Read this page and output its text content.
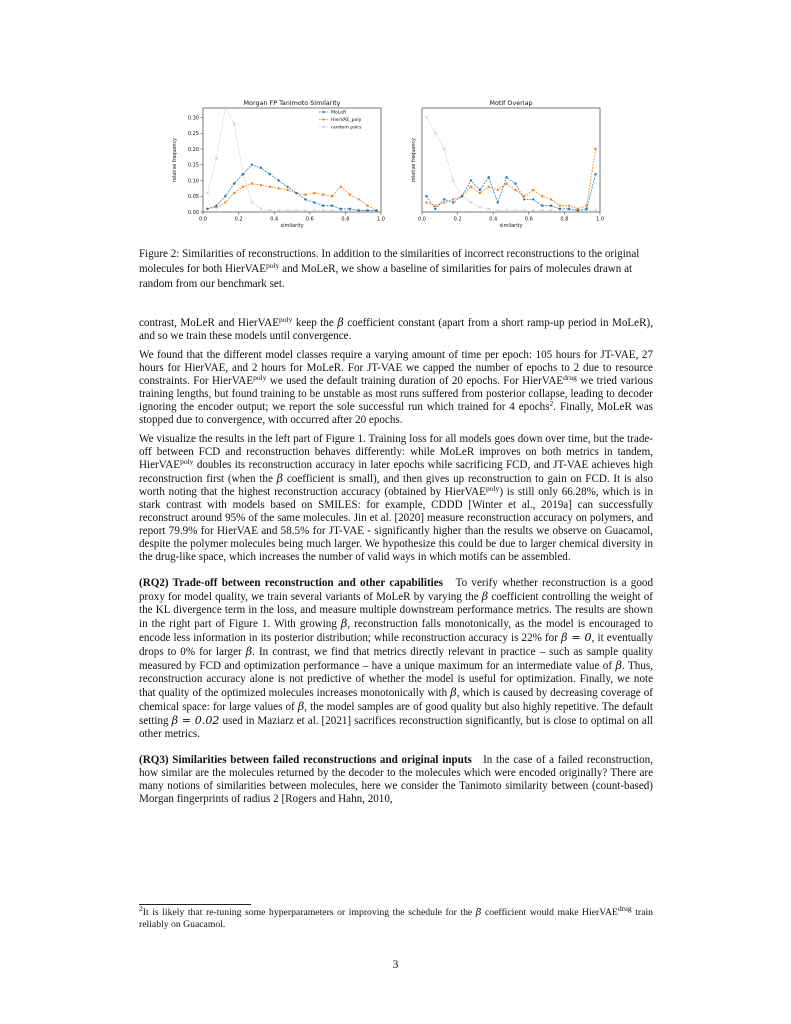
Morgan FP Tanimoto Similarity
0.0	0.2	0.4	0.6	0.8	1.0
similarity
0.00
0.05
0.10
0.15
0.20
0.25
0.30
relative frequency
MoLeR
HierVAE_poly
random pairs
Motif Overlap
0.0	0.2	0.4	0.6	0.8	1.0
similarity
relative frequency
Figure 2: Similarities of reconstructions. In addition to the similarities of incorrect reconstructions to the original molecules for both HierVAE$^{poly}$ and MoLeR, we show a baseline of similarities for pairs of molecules drawn at random from our benchmark set.

contrast, MoLeR and HierVAE$^{poly}$ keep the β coefficient constant (apart from a short ramp-up period in MoLeR), and so we train these models until convergence.

We found that the different model classes require a varying amount of time per epoch: 105 hours for JT-VAE, 27 hours for HierVAE, and 2 hours for MoLeR. For JT-VAE we capped the number of epochs to 2 due to resource constraints. For HierVAE$^{poly}$ we used the default training duration of 20 epochs. For HierVAE$^{drug}$ we tried various training lengths, but found training to be unstable as most runs suffered from posterior collapse, leading to decoder ignoring the encoder output; we report the sole successful run which trained for 4 epochs$^2$. Finally, MoLeR was stopped due to convergence, with occurred after 20 epochs.

We visualize the results in the left part of Figure 1. Training loss for all models goes down over time, but the trade-off between FCD and reconstruction behaves differently: while MoLeR improves on both metrics in tandem, HierVAE$^{poly}$ doubles its reconstruction accuracy in later epochs while sacrificing FCD, and JT-VAE achieves high reconstruction first (when the β coefficient is small), and then gives up reconstruction to gain on FCD. It is also worth noting that the highest reconstruction accuracy (obtained by HierVAE$^{poly}$) is still only 66.28%, which is in stark contrast with models based on SMILES: for example, CDDD [Winter et al., 2019a] can successfully reconstruct around 95% of the same molecules. Jin et al. [2020] measure reconstruction accuracy on polymers, and report 79.9% for HierVAE and 58.5% for JT-VAE - significantly higher than the results we observe on Guacamol, despite the polymer molecules being much larger. We hypothesize this could be due to larger chemical diversity in the drug-like space, which increases the number of valid ways in which motifs can be assembled.

(RQ2) Trade-off between reconstruction and other capabilities To verify whether reconstruction is a good proxy for model quality, we train several variants of MoLeR by varying the β coefficient controlling the weight of the KL divergence term in the loss, and measure multiple downstream performance metrics. The results are shown in the right part of Figure 1. With growing β, reconstruction falls monotonically, as the model is encouraged to encode less information in its posterior distribution; while reconstruction accuracy is 22% for β = 0, it eventually drops to 0% for larger β. In contrast, we find that metrics directly relevant in practice – such as sample quality measured by FCD and optimization performance – have a unique maximum for an intermediate value of β. Thus, reconstruction accuracy alone is not predictive of whether the model is useful for optimization. Finally, we note that quality of the optimized molecules increases monotonically with β, which is caused by decreasing coverage of chemical space: for large values of β, the model samples are of good quality but also highly repetitive. The default setting β = 0.02 used in Maziarz et al. [2021] sacrifices reconstruction significantly, but is close to optimal on all other metrics.

(RQ3) Similarities between failed reconstructions and original inputs In the case of a failed reconstruction, how similar are the molecules returned by the decoder to the molecules which were encoded originally? There are many notions of similarities between molecules, here we consider the Tanimoto similarity between (count-based) Morgan fingerprints of radius 2 [Rogers and Hahn, 2010,

$^2$It is likely that re-tuning some hyperparameters or improving the schedule for the β coefficient would make HierVAE$^{drug}$ train reliably on Guacamol.
3
